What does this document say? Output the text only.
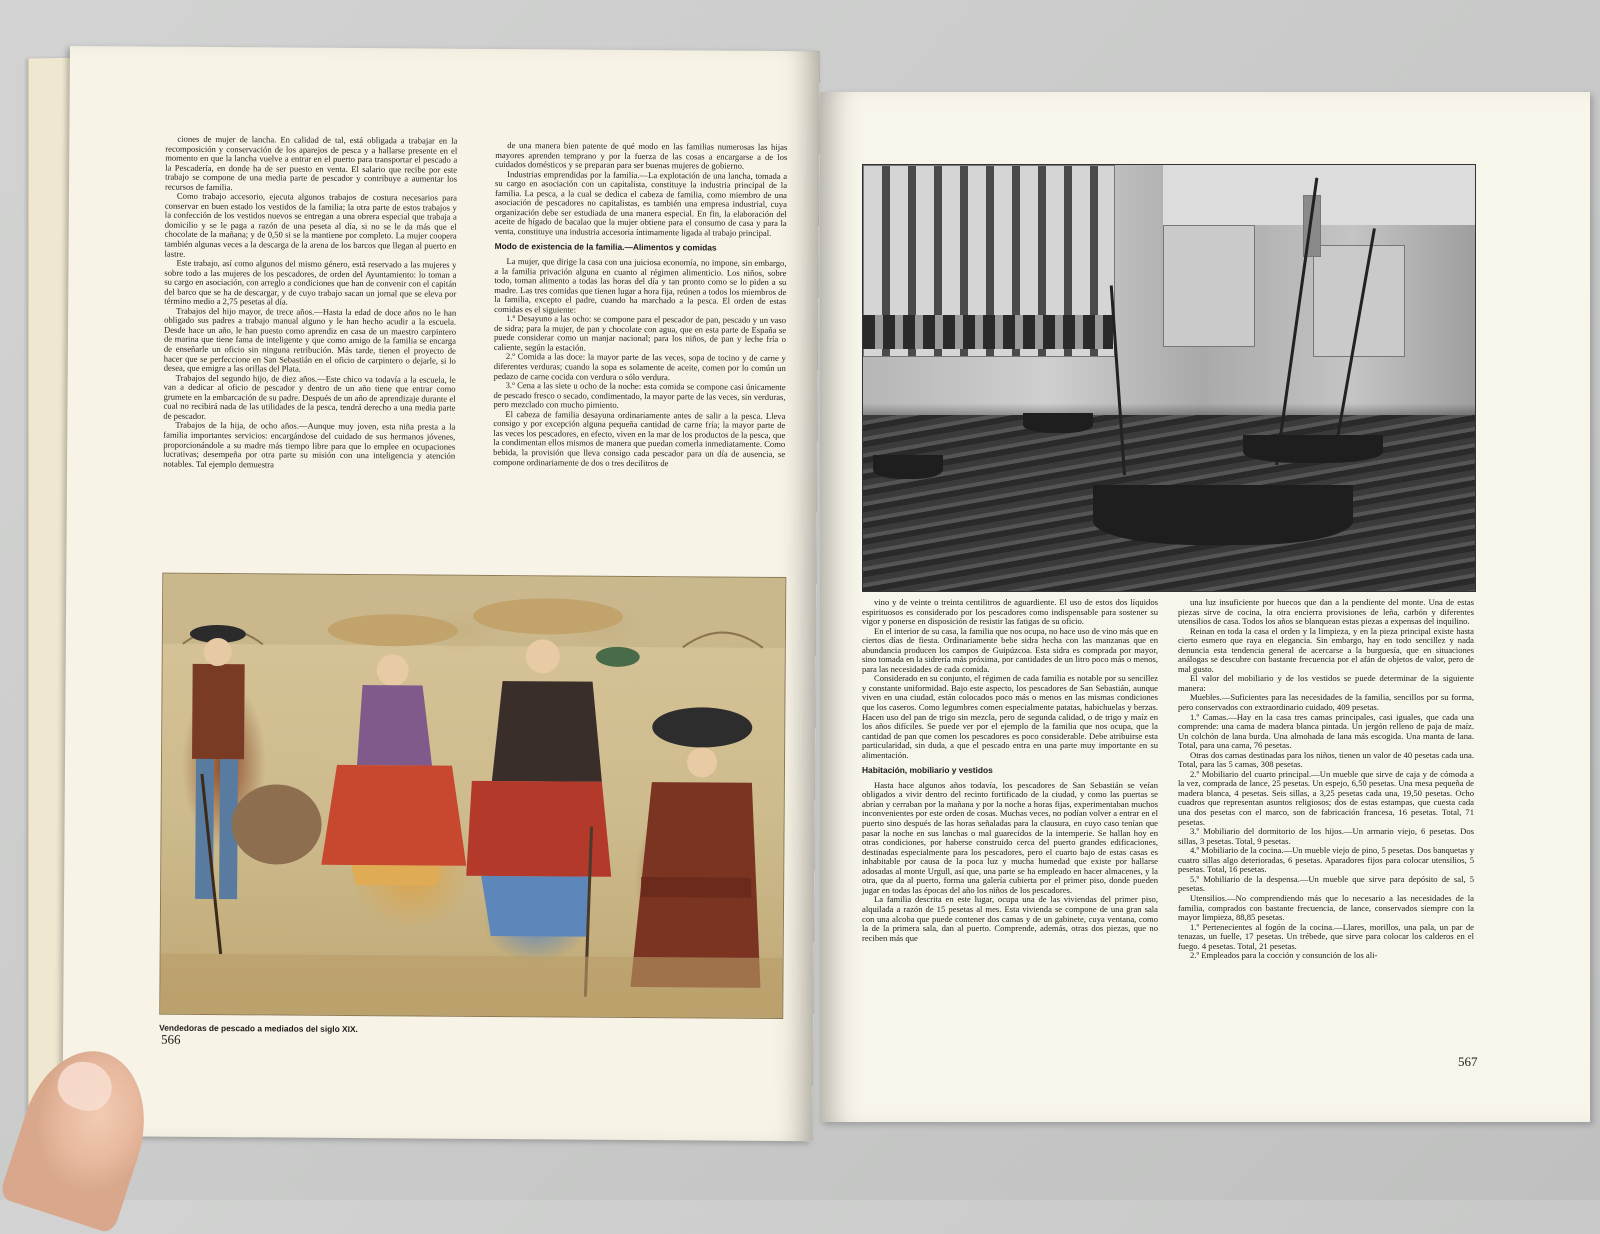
ciones de mujer de lancha. En calidad de tal, está obligada a trabajar en la recomposición y conservación de los aparejos de pesca y a hallarse presente en el momento en que la lancha vuelve a entrar en el puerto para transportar el pescado a la Pescadería, en donde ha de ser puesto en venta. El salario que recibe por este trabajo se compone de una media parte de pescador y contribuye a aumentar los recursos de familia.

Como trabajo accesorio, ejecuta algunos trabajos de costura necesarios para conservar en buen estado los vestidos de la familia; la otra parte de estos trabajos y la confección de los vestidos nuevos se entregan a una obrera especial que trabaja a domicilio y se le paga a razón de una peseta al día, si no se le da más que el chocolate de la mañana; y de 0,50 si se la mantiene por completo. La mujer coopera también algunas veces a la descarga de la arena de los barcos que llegan al puerto en lastre.

Este trabajo, así como algunos del mismo género, está reservado a las mujeres y sobre todo a las mujeres de los pescadores, de orden del Ayuntamiento: lo toman a su cargo en asociación, con arreglo a condiciones que han de convenir con el capitán del barco que se ha de descargar, y de cuyo trabajo sacan un jornal que se eleva por término medio a 2,75 pesetas al día.

Trabajos del hijo mayor, de trece años.—Hasta la edad de doce años no le han obligado sus padres a trabajo manual alguno y le han hecho acudir a la escuela. Desde hace un año, le han puesto como aprendiz en casa de un maestro carpintero de marina que tiene fama de inteligente y que como amigo de la familia se encarga de enseñarle un oficio sin ninguna retribución. Más tarde, tienen el proyecto de hacer que se perfeccione en San Sebastián en el oficio de carpintero o dejarle, si lo desea, que emigre a las orillas del Plata.

Trabajos del segundo hijo, de diez años.—Este chico va todavía a la escuela, le van a dedicar al oficio de pescador y dentro de un año tiene que entrar como grumete en la embarcación de su padre. Después de un año de aprendizaje durante el cual no recibirá nada de las utilidades de la pesca, tendrá derecho a una media parte de pescador.

Trabajos de la hija, de ocho años.—Aunque muy joven, esta niña presta a la familia importantes servicios: encargándose del cuidado de sus hermanos jóvenes, proporcionándole a su madre más tiempo libre para que lo emplee en ocupaciones lucrativas; desempeña por otra parte su misión con una inteligencia y atención notables. Tal ejemplo demuestra

de una manera bien patente de qué modo en las familias numerosas las hijas mayores aprenden temprano y por la fuerza de las cosas a encargarse a de los cuidados domésticos y se preparan para ser buenas mujeres de gobierno.

Industrias emprendidas por la familia.—La explotación de una lancha, tomada a su cargo en asociación con un capitalista, constituye la industria principal de la familia. La pesca, a la cual se dedica el cabeza de familia, como miembro de una asociación de pescadores no capitalistas, es también una empresa industrial, cuya organización debe ser estudiada de una manera especial. En fin, la elaboración del aceite de hígado de bacalao que la mujer obtiene para el consumo de casa y para la venta, constituye una industria accesoria íntimamente ligada al trabajo principal.

Modo de existencia de la familia.—Alimentos y comidas

La mujer, que dirige la casa con una juiciosa economía, no impone, sin embargo, a la familia privación alguna en cuanto al régimen alimenticio. Los niños, sobre todo, toman alimento a todas las horas del día y tan pronto como se lo piden a su madre. Las tres comidas que tienen lugar a hora fija, reúnen a todos los miembros de la familia, excepto el padre, cuando ha marchado a la pesca. El orden de estas comidas es el siguiente:

1.º Desayuno a las ocho: se compone para el pescador de pan, pescado y un vaso de sidra; para la mujer, de pan y chocolate con agua, que en esta parte de España se puede considerar como un manjar nacional; para los niños, de pan y leche fría o caliente, según la estación.

2.º Comida a las doce: la mayor parte de las veces, sopa de tocino y de carne y diferentes verduras; cuando la sopa es solamente de aceite, comen por lo común un pedazo de carne cocida con verdura o sólo verdura.

3.º Cena a las siete u ocho de la noche: esta comida se compone casi únicamente de pescado fresco o secado, condimentado, la mayor parte de las veces, sin verduras, pero mezclado con mucho pimiento.

El cabeza de familia desayuna ordinariamente antes de salir a la pesca. Lleva consigo y por excepción alguna pequeña cantidad de carne fría; la mayor parte de las veces los pescadores, en efecto, viven en la mar de los productos de la pesca, que la condimentan ellos mismos de manera que puedan comerla inmediatamente. Como bebida, la provisión que lleva consigo cada pescador para un día de ausencia, se compone ordinariamente de dos o tres decilitros de

Vendedoras de pescado a mediados del siglo XIX.
566

vino y de veinte o treinta centilitros de aguardiente. El uso de estos dos líquidos espirituosos es considerado por los pescadores como indispensable para sostener su vigor y ponerse en disposición de resistir las fatigas de su oficio.

En el interior de su casa, la familia que nos ocupa, no hace uso de vino más que en ciertos días de fiesta. Ordinariamente bebe sidra hecha con las manzanas que en abundancia producen los campos de Guipúzcoa. Esta sidra es comprada por mayor, sino tomada en la sidrería más próxima, por cantidades de un litro poco más o menos, para las necesidades de cada comida.

Considerado en su conjunto, el régimen de cada familia es notable por su sencillez y constante uniformidad. Bajo este aspecto, los pescadores de San Sebastián, aunque viven en una ciudad, están colocados poco más o menos en las mismas condiciones que los caseros. Como legumbres comen especialmente patatas, habichuelas y berzas. Hacen uso del pan de trigo sin mezcla, pero de segunda calidad, o de trigo y maíz en los años difíciles. Se puede ver por el ejemplo de la familia que nos ocupa, que la cantidad de pan que comen los pescadores es poco considerable. Debe atribuirse esta particularidad, sin duda, a que el pescado entra en una parte muy importante en su alimentación.

Habitación, mobiliario y vestidos

Hasta hace algunos años todavía, los pescadores de San Sebastián se veían obligados a vivir dentro del recinto fortificado de la ciudad, y como las puertas se abrían y cerraban por la mañana y por la noche a horas fijas, experimentaban muchos inconvenientes por este orden de cosas. Muchas veces, no podían volver a entrar en el puerto sino después de las horas señaladas para la clausura, en cuyo caso tenían que pasar la noche en sus lanchas o mal guarecidos de la intemperie. Se hallan hoy en otras condiciones, por haberse construido cerca del puerto grandes edificaciones, destinadas especialmente para los pescadores, pero el cuarto bajo de estas casas es inhabitable por causa de la poca luz y mucha humedad que existe por hallarse adosadas al monte Urgull, así que, una parte se ha empleado en hacer almacenes, y la otra, que da al puerto, forma una galería cubierta por el primer piso, donde pueden jugar en todas las épocas del año los niños de los pescadores.

La familia descrita en este lugar, ocupa una de las viviendas del primer piso, alquilada a razón de 15 pesetas al mes. Esta vivienda se compone de una gran sala con una alcoba que puede contener dos camas y de un gabinete, cuya ventana, como la de la primera sala, dan al puerto. Comprende, además, otras dos piezas, que no reciben más que

una luz insuficiente por huecos que dan a la pendiente del monte. Una de estas piezas sirve de cocina, la otra encierra provisiones de leña, carbón y diferentes utensilios de casa. Todos los años se blanquean estas piezas a expensas del inquilino.

Reinan en toda la casa el orden y la limpieza, y en la pieza principal existe hasta cierto esmero que raya en elegancia. Sin embargo, hay en todo sencillez y nada denuncia esta tendencia general de acercarse a la burguesía, que en situaciones análogas se descubre con bastante frecuencia por el afán de objetos de valor, pero de mal gusto.

El valor del mobiliario y de los vestidos se puede determinar de la siguiente manera:

Muebles.—Suficientes para las necesidades de la familia, sencillos por su forma, pero conservados con extraordinario cuidado, 409 pesetas.

1.º Camas.—Hay en la casa tres camas principales, casi iguales, que cada una comprende: una cama de madera blanca pintada. Un jergón relleno de paja de maíz. Un colchón de lana burda. Una almohada de lana más escogida. Una manta de lana. Total, para una cama, 76 pesetas.

Otras dos camas destinadas para los niños, tienen un valor de 40 pesetas cada una. Total, para las 5 camas, 308 pesetas.

2.º Mobiliario del cuarto principal.—Un mueble que sirve de caja y de cómoda a la vez, comprada de lance, 25 pesetas. Un espejo, 6,50 pesetas. Una mesa pequeña de madera blanca, 4 pesetas. Seis sillas, a 3,25 pesetas cada una, 19,50 pesetas. Ocho cuadros que representan asuntos religiosos; dos de estas estampas, que cuesta cada una dos pesetas con el marco, son de fabricación francesa, 16 pesetas. Total, 71 pesetas.

3.º Mobiliario del dormitorio de los hijos.—Un armario viejo, 6 pesetas. Dos sillas, 3 pesetas. Total, 9 pesetas.

4.º Mobiliario de la cocina.—Un mueble viejo de pino, 5 pesetas. Dos banquetas y cuatro sillas algo deterioradas, 6 pesetas. Aparadores fijos para colocar utensilios, 5 pesetas. Total, 16 pesetas.

5.º Mobiliario de la despensa.—Un mueble que sirve para depósito de sal, 5 pesetas.

Utensilios.—No comprendiendo más que lo necesario a las necesidades de la familia, comprados con bastante frecuencia, de lance, conservados siempre con la mayor limpieza, 88,85 pesetas.

1.º Pertenecientes al fogón de la cocina.—Llares, morillos, una pala, un par de tenazas, un fuelle, 17 pesetas. Un trébede, que sirve para colocar los calderos en el fuego. 4 pesetas. Total, 21 pesetas.

2.º Empleados para la cocción y consunción de los ali-

567
